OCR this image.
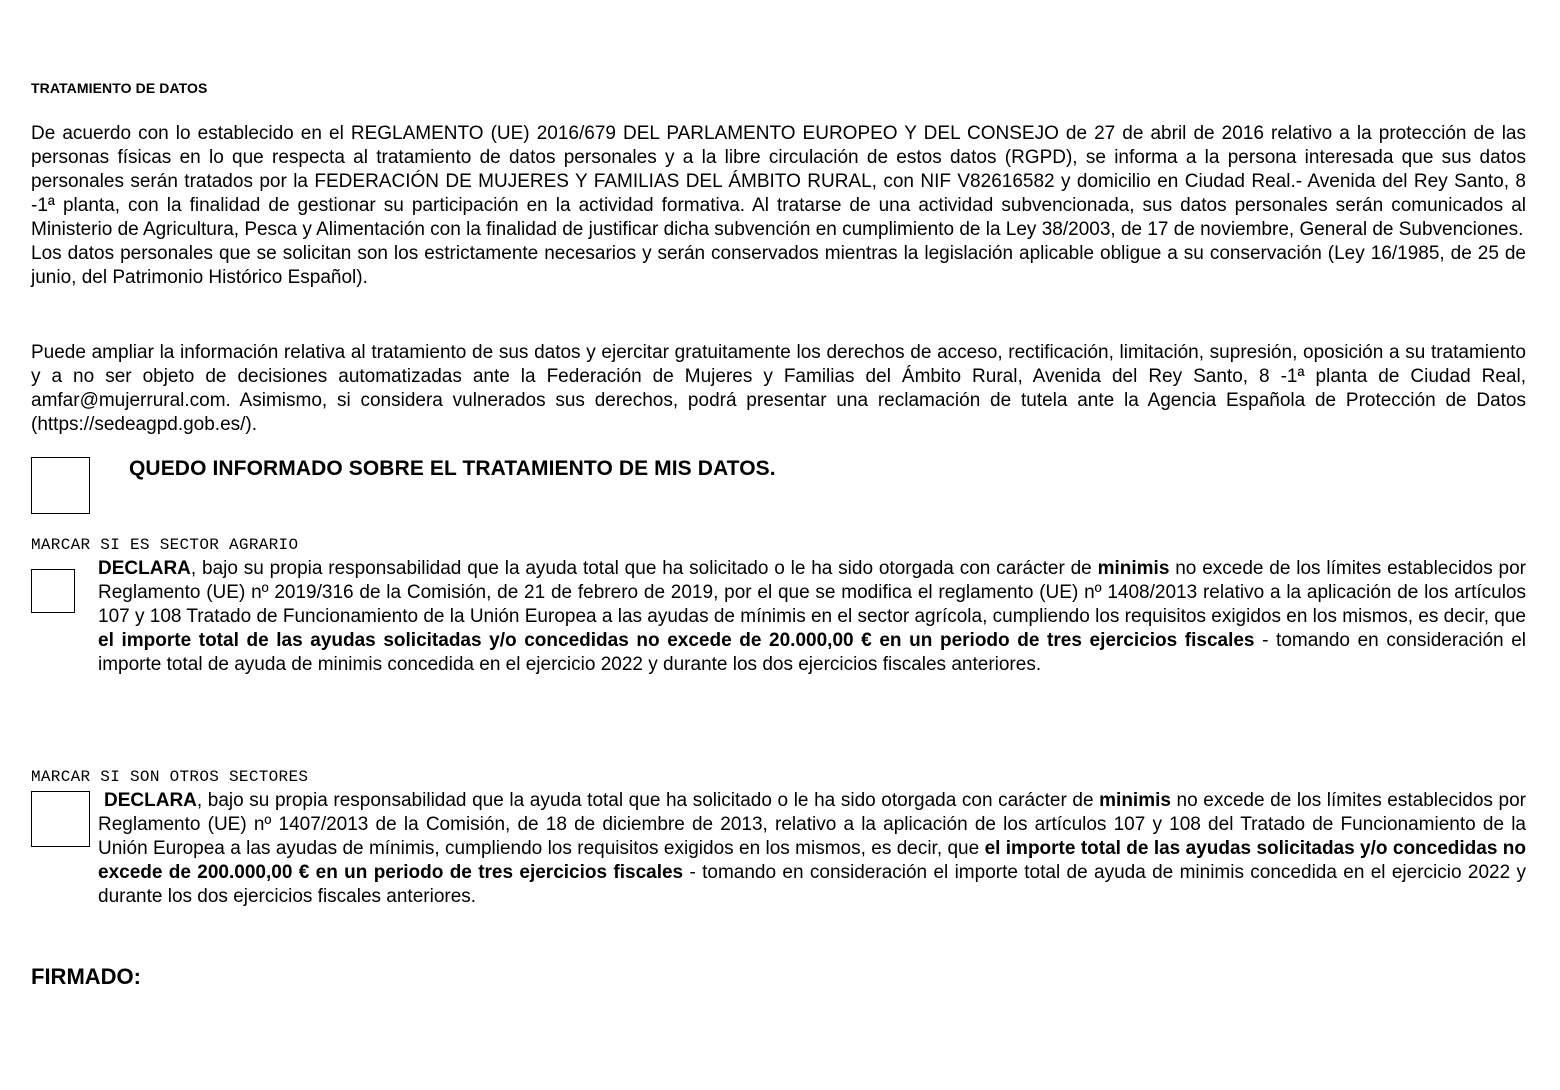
TRATAMIENTO DE DATOS

De acuerdo con lo establecido en el REGLAMENTO (UE) 2016/679 DEL PARLAMENTO EUROPEO Y DEL CONSEJO de 27 de abril de 2016 relativo a la protección de las personas físicas en lo que respecta al tratamiento de datos personales y a la libre circulación de estos datos (RGPD), se informa a la persona interesada que sus datos personales serán tratados por la FEDERACIÓN DE MUJERES Y FAMILIAS DEL ÁMBITO RURAL, con NIF V82616582 y domicilio en Ciudad Real.- Avenida del Rey Santo, 8 -1ª planta, con la finalidad de gestionar su participación en la actividad formativa. Al tratarse de una actividad subvencionada, sus datos personales serán comunicados al Ministerio de Agricultura, Pesca y Alimentación con la finalidad de justificar dicha subvención en cumplimiento de la Ley 38/2003, de 17 de noviembre, General de Subvenciones.

Los datos personales que se solicitan son los estrictamente necesarios y serán conservados mientras la legislación aplicable obligue a su conservación (Ley 16/1985, de 25 de junio, del Patrimonio Histórico Español).

Puede ampliar la información relativa al tratamiento de sus datos y ejercitar gratuitamente los derechos de acceso, rectificación, limitación, supresión, oposición a su tratamiento y a no ser objeto de decisiones automatizadas ante la Federación de Mujeres y Familias del Ámbito Rural, Avenida del Rey Santo, 8 -1ª planta de Ciudad Real, amfar@mujerrural.com. Asimismo, si considera vulnerados sus derechos, podrá presentar una reclamación de tutela ante la Agencia Española de Protección de Datos (https://sedeagpd.gob.es/).

QUEDO INFORMADO SOBRE EL TRATAMIENTO DE MIS DATOS.
MARCAR SI ES SECTOR AGRARIO
DECLARA, bajo su propia responsabilidad que la ayuda total que ha solicitado o le ha sido otorgada con carácter de minimis no excede de los límites establecidos por Reglamento (UE) nº 2019/316 de la Comisión, de 21 de febrero de 2019, por el que se modifica el reglamento (UE) nº 1408/2013 relativo a la aplicación de los artículos 107 y 108 Tratado de Funcionamiento de la Unión Europea a las ayudas de mínimis en el sector agrícola, cumpliendo los requisitos exigidos en los mismos, es decir, que el importe total de las ayudas solicitadas y/o concedidas no excede de 20.000,00 € en un periodo de tres ejercicios fiscales - tomando en consideración el importe total de ayuda de minimis concedida en el ejercicio 2022 y durante los dos ejercicios fiscales anteriores.
MARCAR SI SON OTROS SECTORES
DECLARA, bajo su propia responsabilidad que la ayuda total que ha solicitado o le ha sido otorgada con carácter de minimis no excede de los límites establecidos por Reglamento (UE) nº 1407/2013 de la Comisión, de 18 de diciembre de 2013, relativo a la aplicación de los artículos 107 y 108 del Tratado de Funcionamiento de la Unión Europea a las ayudas de mínimis, cumpliendo los requisitos exigidos en los mismos, es decir, que el importe total de las ayudas solicitadas y/o concedidas no excede de 200.000,00 € en un periodo de tres ejercicios fiscales - tomando en consideración el importe total de ayuda de minimis concedida en el ejercicio 2022 y durante los dos ejercicios fiscales anteriores.
FIRMADO:
